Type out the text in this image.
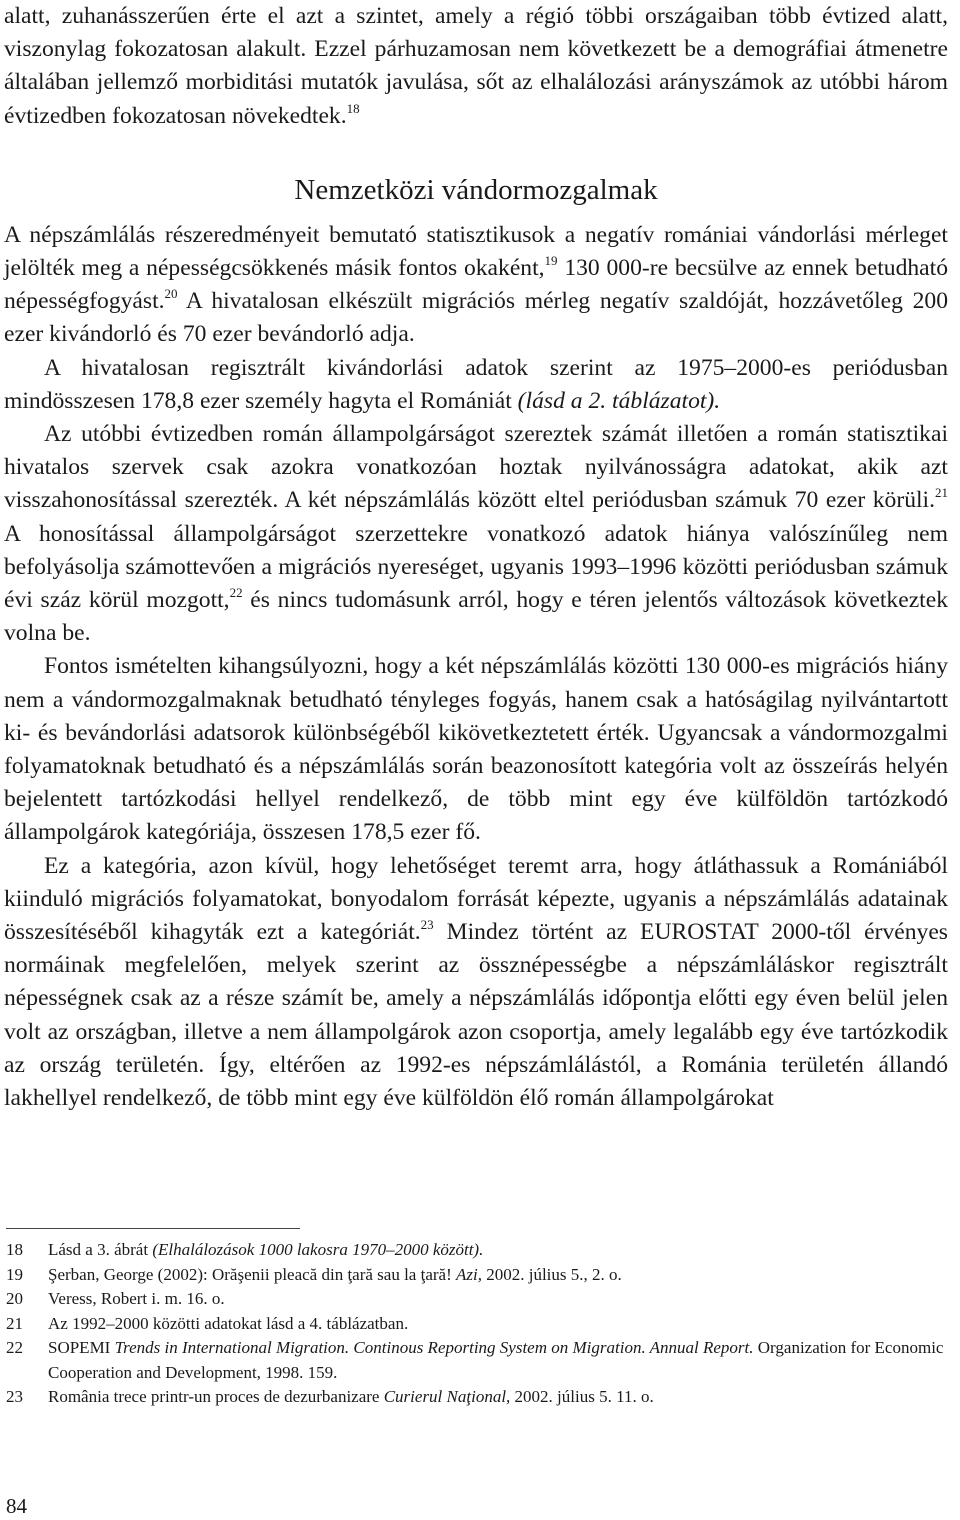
alatt, zuhanásszerűen érte el azt a szintet, amely a régió többi országaiban több évtized alatt, viszonylag fokozatosan alakult. Ezzel párhuzamosan nem következett be a demográfiai átmenetre általában jellemző morbiditási mutatók javulása, sőt az elhalálozási arányszámok az utóbbi három évtizedben fokozatosan növekedtek.$^{18}$

Nemzetközi vándormozgalmak

A népszámlálás részeredményeit bemutató statisztikusok a negatív romániai vándorlási mérleget jelölték meg a népességcsökkenés másik fontos okaként,$^{19}$ 130 000-re becsülve az ennek betudható népességfogyást.$^{20}$ A hivatalosan elkészült migrációs mérleg negatív szaldóját, hozzávetőleg 200 ezer kivándorló és 70 ezer bevándorló adja.

A hivatalosan regisztrált kivándorlási adatok szerint az 1975–2000-es periódusban mindösszesen 178,8 ezer személy hagyta el Romániát (lásd a 2. táblázatot).

Az utóbbi évtizedben román állampolgárságot szereztek számát illetően a román statisztikai hivatalos szervek csak azokra vonatkozóan hoztak nyilvánosságra adatokat, akik azt visszahonosítással szerezték. A két népszámlálás között eltel periódusban számuk 70 ezer körüli.$^{21}$ A honosítással állampolgárságot szerzettekre vonatkozó adatok hiánya valószínűleg nem befolyásolja számottevően a migrációs nyereséget, ugyanis 1993–1996 közötti periódusban számuk évi száz körül mozgott,$^{22}$ és nincs tudomásunk arról, hogy e téren jelentős változások következtek volna be.

Fontos ismételten kihangsúlyozni, hogy a két népszámlálás közötti 130 000-es migrációs hiány nem a vándormozgalmaknak betudható tényleges fogyás, hanem csak a hatóságilag nyilvántartott ki- és bevándorlási adatsorok különbségéből kikövetkeztetett érték. Ugyancsak a vándormozgalmi folyamatoknak betudható és a népszámlálás során beazonosított kategória volt az összeírás helyén bejelentett tartózkodási hellyel rendelkező, de több mint egy éve külföldön tartózkodó állampolgárok kategóriája, összesen 178,5 ezer fő.

Ez a kategória, azon kívül, hogy lehetőséget teremt arra, hogy átláthassuk a Romániából kiinduló migrációs folyamatokat, bonyodalom forrását képezte, ugyanis a népszámlálás adatainak összesítéséből kihagyták ezt a kategóriát.$^{23}$ Mindez történt az EUROSTAT 2000-től érvényes normáinak megfelelően, melyek szerint az össznépességbe a népszámláláskor regisztrált népességnek csak az a része számít be, amely a népszámlálás időpontja előtti egy éven belül jelen volt az országban, illetve a nem állampolgárok azon csoportja, amely legalább egy éve tartózkodik az ország területén. Így, eltérően az 1992-es népszámlálástól, a Románia területén állandó lakhellyel rendelkező, de több mint egy éve külföldön élő román állampolgárokat

18	Lásd a 3. ábrát (Elhalálozások 1000 lakosra 1970–2000 között).
19	Şerban, George (2002): Orăşenii pleacă din ţară sau la ţară! Azi, 2002. július 5., 2. o.
20	Veress, Robert i. m. 16. o.
21	Az 1992–2000 közötti adatokat lásd a 4. táblázatban.
22	SOPEMI Trends in International Migration. Continous Reporting System on Migration. Annual Report. Organization for Economic Cooperation and Development, 1998. 159.
23	România trece printr-un proces de dezurbanizare Curierul Naţional, 2002. július 5. 11. o.
84
